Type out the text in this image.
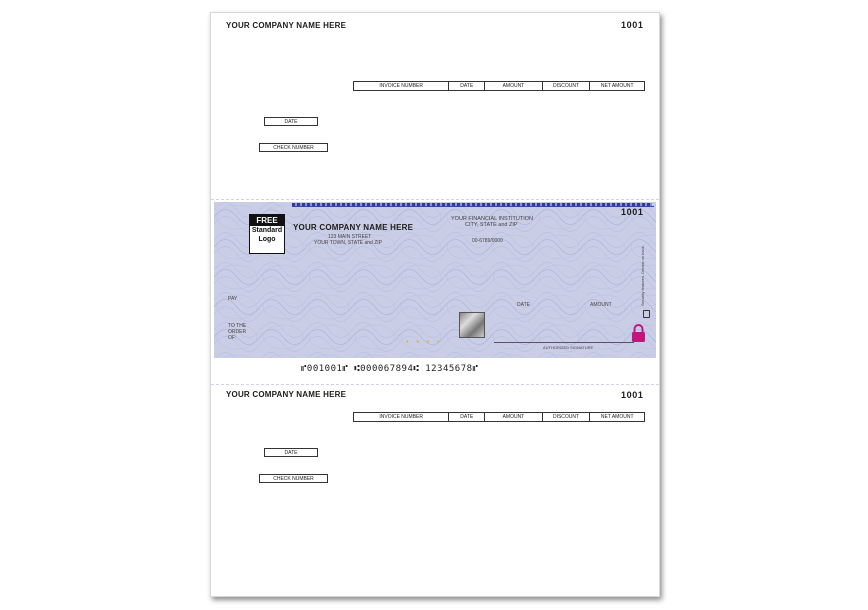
YOUR COMPANY NAME HERE	1001
INVOICE NUMBER	DATE	AMOUNT	DISCOUNT	NET AMOUNT
DATE
CHECK NUMBER
1001
FREE
Standard
Logo
YOUR COMPANY NAME HERE
123 MAIN STREET
YOUR TOWN, STATE and ZIP
YOUR FINANCIAL INSTITUTION
CITY, STATE and ZIP
00-6789/0000
PAY
DATE	AMOUNT
TO THE
ORDER
OF:
• • • •
AUTHORIZED SIGNATURE
Security features. Details on back.
⑈001001⑈ ⑆000067894⑆ 12345678⑈
YOUR COMPANY NAME HERE	1001
INVOICE NUMBER	DATE	AMOUNT	DISCOUNT	NET AMOUNT
DATE
CHECK NUMBER
